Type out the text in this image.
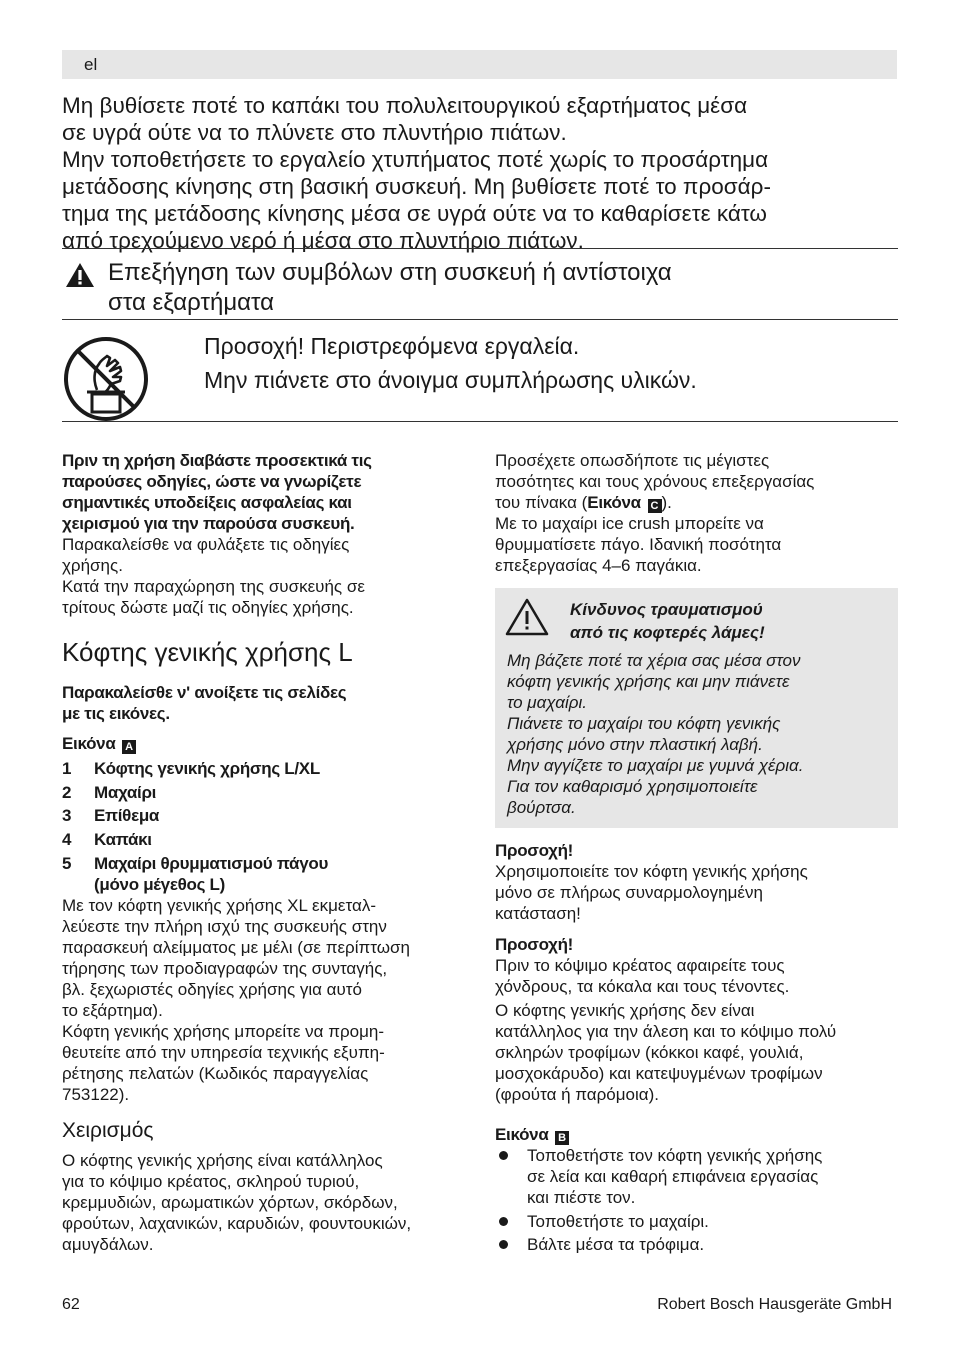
el
Μη βυθίσετε ποτέ το καπάκι του πολυλειτουργικού εξαρτήματος μέσα
σε υγρά ούτε να το πλύνετε στο πλυντήριο πιάτων.
Μην τοποθετήσετε το εργαλείο χτυπήματος ποτέ χωρίς το προσάρτημα
μετάδοσης κίνησης στη βασική συσκευή. Μη βυθίσετε ποτέ το προσάρ-
τημα της μετάδοσης κίνησης μέσα σε υγρά ούτε να το καθαρίσετε κάτω
από τρεχούμενο νερό ή μέσα στο πλυντήριο πιάτων.
Επεξήγηση των συμβόλων στη συσκευή ή αντίστοιχα
στα εξαρτήματα
Προσοχή! Περιστρεφόμενα εργαλεία.
Μην πιάνετε στο άνοιγμα συμπλήρωσης υλικών.
Πριν τη χρήση διαβάστε προσεκτικά τις
παρούσες οδηγίες, ώστε να γνωρίζετε
σημαντικές υποδείξεις ασφαλείας και
χειρισμού για την παρούσα συσκευή.
Παρακαλείσθε να φυλάξετε τις οδηγίες
χρήσης.
Κατά την παραχώρηση της συσκευής σε
τρίτους δώστε μαζί τις οδηγίες χρήσης.
Κόφτης γενικής χρήσης L
Παρακαλείσθε ν' ανοίξετε τις σελίδες
με τις εικόνες.
Εικόνα A
1 Κόφτης γενικής χρήσης L/XL
2 Μαχαίρι
3 Επίθεμα
4 Καπάκι
5 Μαχαίρι θρυμματισμού πάγου
(μόνο μέγεθος L)
Με τον κόφτη γενικής χρήσης XL εκμεταλ-
λεύεστε την πλήρη ισχύ της συσκευής στην
παρασκευή αλείμματος με μέλι (σε περίπτωση
τήρησης των προδιαγραφών της συνταγής,
βλ. ξεχωριστές οδηγίες χρήσης για αυτό
το εξάρτημα).
Κόφτη γενικής χρήσης μπορείτε να προμη-
θευτείτε από την υπηρεσία τεχνικής εξυπη-
ρέτησης πελατών (Κωδικός παραγγελίας
753122).
Χειρισμός
Ο κόφτης γενικής χρήσης είναι κατάλληλος
για το κόψιμο κρέατος, σκληρού τυριού,
κρεμμυδιών, αρωματικών χόρτων, σκόρδων,
φρούτων, λαχανικών, καρυδιών, φουντουκιών,
αμυγδάλων.
Προσέχετε οπωσδήποτε τις μέγιστες
ποσότητες και τους χρόνους επεξεργασίας
του πίνακα (Εικόνα C ).
Με το μαχαίρι ice crush μπορείτε να
θρυμματίσετε πάγο. Ιδανική ποσότητα
επεξεργασίας 4–6 παγάκια.
Κίνδυνος τραυματισμού
από τις κοφτερές λάμες!
Μη βάζετε ποτέ τα χέρια σας μέσα στον
κόφτη γενικής χρήσης και μην πιάνετε
το μαχαίρι.
Πιάνετε το μαχαίρι του κόφτη γενικής
χρήσης μόνο στην πλαστική λαβή.
Μην αγγίζετε το μαχαίρι με γυμνά χέρια.
Για τον καθαρισμό χρησιμοποιείτε
βούρτσα.
Προσοχή!
Χρησιμοποιείτε τον κόφτη γενικής χρήσης
μόνο σε πλήρως συναρμολογημένη
κατάσταση!
Προσοχή!
Πριν το κόψιμο κρέατος αφαιρείτε τους
χόνδρους, τα κόκαλα και τους τένοντες.
Ο κόφτης γενικής χρήσης δεν είναι
κατάλληλος για την άλεση και το κόψιμο πολύ
σκληρών τροφίμων (κόκκοι καφέ, γουλιά,
μοσχοκάρυδο) και κατεψυγμένων τροφίμων
(φρούτα ή παρόμοια).
Εικόνα B
Τοποθετήστε τον κόφτη γενικής χρήσης
σε λεία και καθαρή επιφάνεια εργασίας
και πιέστε τον.
Τοποθετήστε το μαχαίρι.
Βάλτε μέσα τα τρόφιμα.
62	Robert Bosch Hausgeräte GmbH
